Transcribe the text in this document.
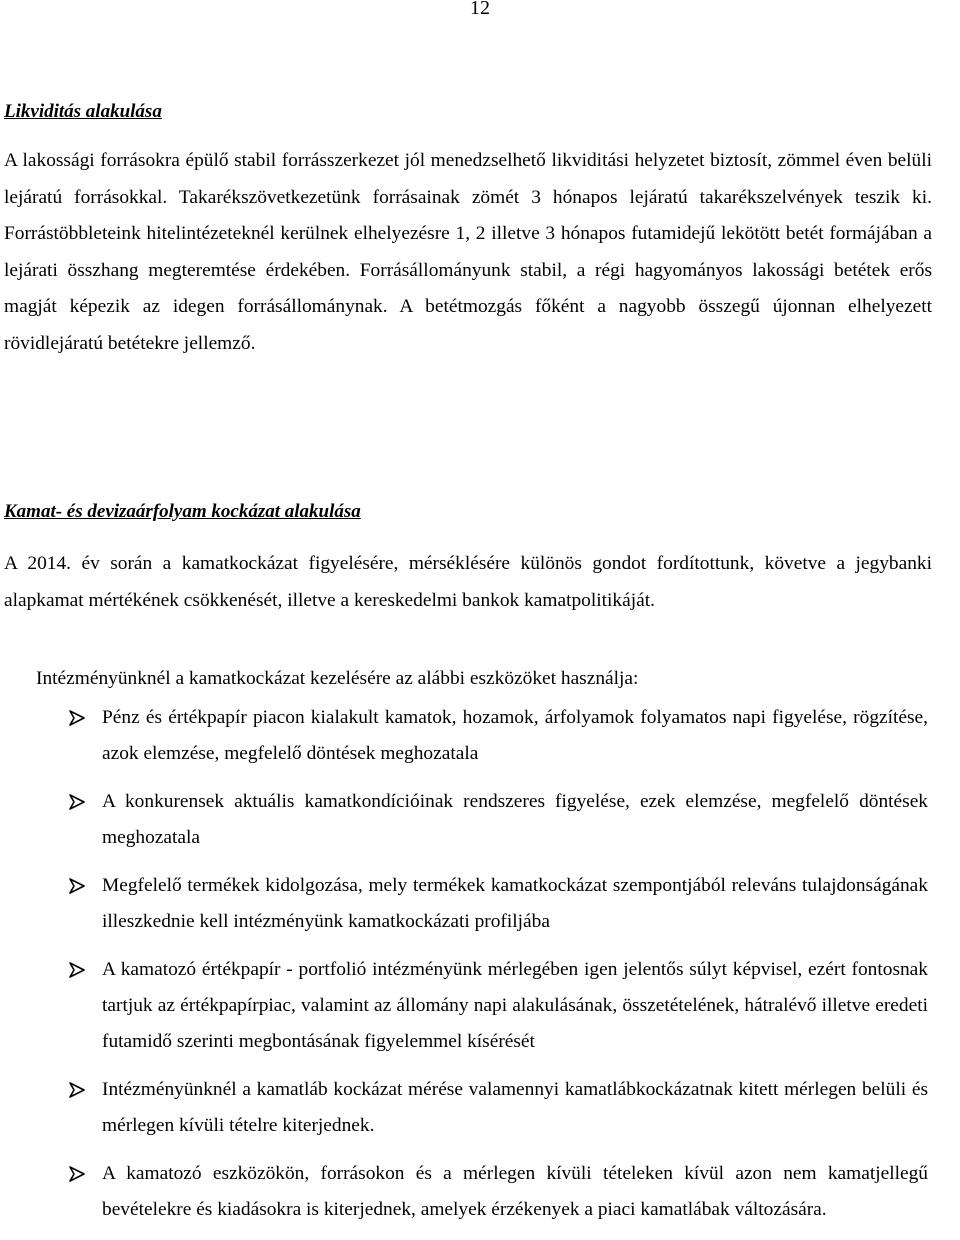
12
Likviditás alakulása
A lakossági forrásokra épülő stabil forrásszerkezet jól menedzselhető likviditási helyzetet biztosít, zömmel éven belüli lejáratú forrásokkal. Takarékszövetkezetünk forrásainak zömét 3 hónapos lejáratú takarékszelvények teszik ki. Forrástöbbleteink hitelintézeteknél kerülnek elhelyezésre 1, 2 illetve 3 hónapos futamidejű lekötött betét formájában a lejárati összhang megteremtése érdekében. Forrásállományunk stabil, a régi hagyományos lakossági betétek erős magját képezik az idegen forrásállománynak. A betétmozgás főként a nagyobb összegű újonnan elhelyezett rövidlejáratú betétekre jellemző.
Kamat- és devizaárfolyam kockázat alakulása
A 2014. év során a kamatkockázat figyelésére, mérséklésére különös gondot fordítottunk, követve a jegybanki alapkamat mértékének csökkenését, illetve a kereskedelmi bankok kamatpolitikáját.
Intézményünknél a kamatkockázat kezelésére az alábbi eszközöket használja:
Pénz és értékpapír piacon kialakult kamatok, hozamok, árfolyamok folyamatos napi figyelése, rögzítése, azok elemzése, megfelelő döntések meghozatala
A konkurensek aktuális kamatkondícióinak rendszeres figyelése, ezek elemzése, megfelelő döntések meghozatala
Megfelelő termékek kidolgozása, mely termékek kamatkockázat szempontjából releváns tulajdonságának illeszkednie kell intézményünk kamatkockázati profiljába
A kamatozó értékpapír - portfolió intézményünk mérlegében igen jelentős súlyt képvisel, ezért fontosnak tartjuk az értékpapírpiac, valamint az állomány napi alakulásának, összetételének, hátralévő illetve eredeti futamidő szerinti megbontásának figyelemmel kísérését
Intézményünknél a kamatláb kockázat mérése valamennyi kamatlábkockázatnak kitett mérlegen belüli és mérlegen kívüli tételre kiterjednek.
A kamatozó eszközökön, forrásokon és a mérlegen kívüli tételeken kívül azon nem kamatjellegű bevételekre és kiadásokra is kiterjednek, amelyek érzékenyek a piaci kamatlábak változására.
